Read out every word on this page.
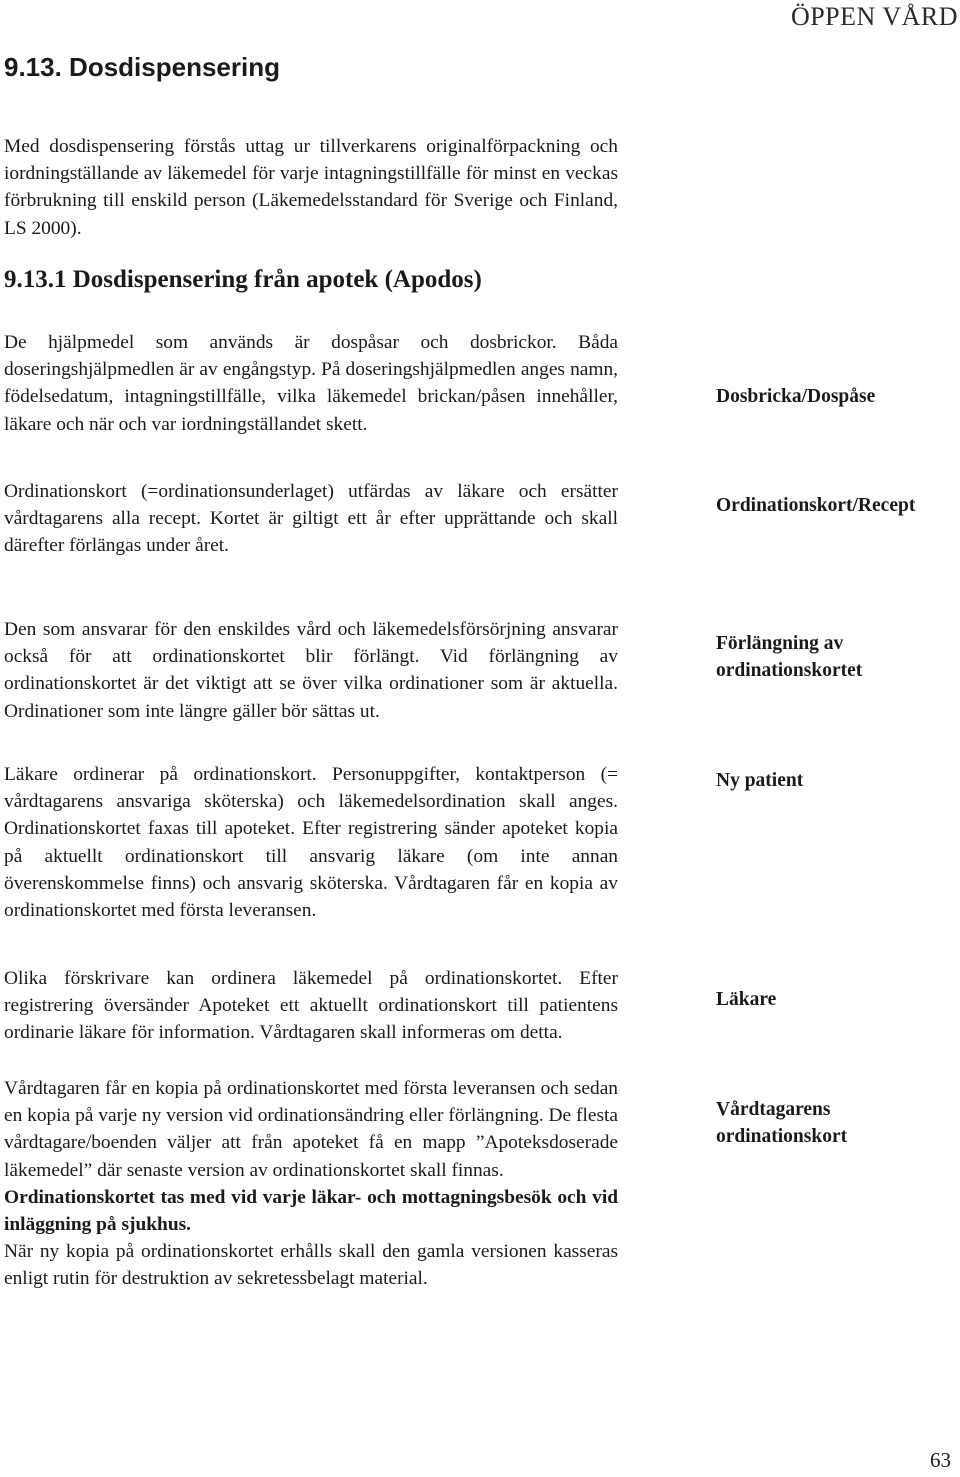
ÖPPEN VÅRD
9.13. Dosdispensering

Med dosdispensering förstås uttag ur tillverkarens originalförpackning och iordningställande av läkemedel för varje intagningstillfälle för minst en veckas förbrukning till enskild person (Läkemedelsstandard för Sverige och Finland, LS 2000).

9.13.1 Dosdispensering från apotek (Apodos)

De hjälpmedel som används är dospåsar och dosbrickor. Båda doseringshjälpmedlen är av engångstyp. På doseringshjälpmedlen anges namn, födelsedatum, intagningstillfälle, vilka läkemedel brickan/påsen innehåller, läkare och när och var iordningställandet skett.

Dosbricka/Dospåse

Ordinationskort (=ordinationsunderlaget) utfärdas av läkare och ersätter vårdtagarens alla recept. Kortet är giltigt ett år efter upprättande och skall därefter förlängas under året.

Ordinationskort/Recept

Den som ansvarar för den enskildes vård och läkemedelsförsörjning ansvarar också för att ordinationskortet blir förlängt. Vid förlängning av ordinationskortet är det viktigt att se över vilka ordinationer som är aktuella. Ordinationer som inte längre gäller bör sättas ut.

Förlängning av ordinationskortet

Läkare ordinerar på ordinationskort. Personuppgifter, kontaktperson (= vårdtagarens ansvariga sköterska) och läkemedelsordination skall anges. Ordinationskortet faxas till apoteket. Efter registrering sänder apoteket kopia på aktuellt ordinationskort till ansvarig läkare (om inte annan överenskommelse finns) och ansvarig sköterska. Vårdtagaren får en kopia av ordinationskortet med första leveransen.

Ny patient

Olika förskrivare kan ordinera läkemedel på ordinationskortet. Efter registrering översänder Apoteket ett aktuellt ordinationskort till patientens ordinarie läkare för information. Vårdtagaren skall informeras om detta.

Läkare

Vårdtagaren får en kopia på ordinationskortet med första leveransen och sedan en kopia på varje ny version vid ordinationsändring eller förlängning. De flesta vårdtagare/boenden väljer att från apoteket få en mapp ”Apoteksdoserade läkemedel” där senaste version av ordinationskortet skall finnas.
Ordinationskortet tas med vid varje läkar- och mottagningsbesök och vid inläggning på sjukhus.
När ny kopia på ordinationskortet erhålls skall den gamla versionen kasseras enligt rutin för destruktion av sekretessbelagt material.

Vårdtagarens ordinationskort

63
